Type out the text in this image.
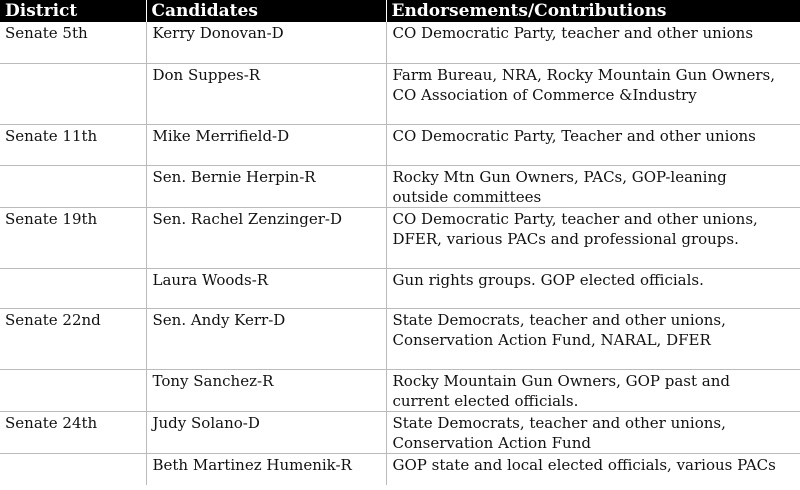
District	Candidates	Endorsements/Contributions
Senate 5th	Kerry Donovan-D	CO Democratic Party, teacher and other unions

	Don Suppes-R	Farm Bureau, NRA, Rocky Mountain Gun Owners,
CO Association of Commerce &Industry

Senate 11th	Mike Merrifield-D	CO Democratic Party, Teacher and other unions

	Sen. Bernie Herpin-R	Rocky Mtn Gun Owners, PACs, GOP-leaning
outside committees

Senate 19th	Sen. Rachel Zenzinger-D	CO Democratic Party, teacher and other unions,
DFER, various PACs and professional groups.

	Laura Woods-R	Gun rights groups. GOP elected officials.

Senate 22nd	Sen. Andy Kerr-D	State Democrats, teacher and other unions,
Conservation Action Fund, NARAL, DFER

	Tony Sanchez-R	Rocky Mountain Gun Owners, GOP past and
current elected officials.

Senate 24th	Judy Solano-D	State Democrats, teacher and other unions,
Conservation Action Fund

	Beth Martinez Humenik-R	GOP state and local elected officials, various PACs
